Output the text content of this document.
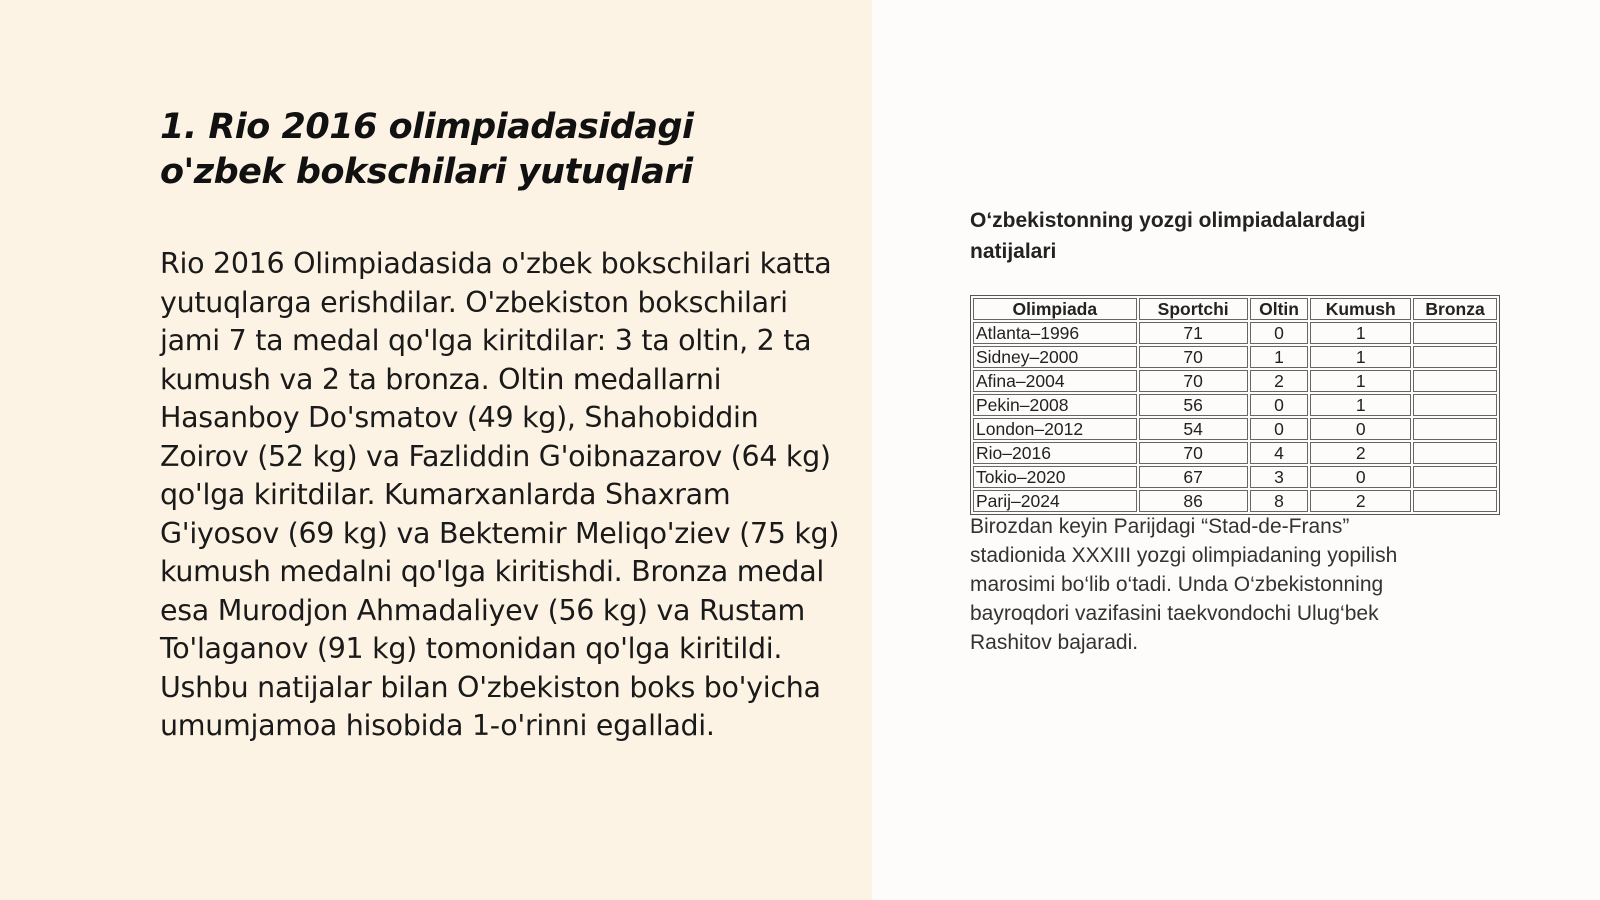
1. Rio 2016 olimpiadasidagi o'zbek bokschilari yutuqlari

Rio 2016 Olimpiadasida o'zbek bokschilari katta yutuqlarga erishdilar. O'zbekiston bokschilari jami 7 ta medal qo'lga kiritdilar: 3 ta oltin, 2 ta kumush va 2 ta bronza. Oltin medallarni Hasanboy Do'smatov (49 kg), Shahobiddin Zoirov (52 kg) va Fazliddin G'oibnazarov (64 kg) qo'lga kiritdilar. Kumarxanlarda Shaxram G'iyosov (69 kg) va Bektemir Meliqo'ziev (75 kg) kumush medalni qo'lga kiritishdi. Bronza medal esa Murodjon Ahmadaliyev (56 kg) va Rustam To'laganov (91 kg) tomonidan qo'lga kiritildi. Ushbu natijalar bilan O'zbekiston boks bo'yicha umumjamoa hisobida 1-o'rinni egalladi.

O‘zbekistonning yozgi olimpiadalardagi natijalari
Olimpiada	Sportchi	Oltin	Kumush	Bronza
Atlanta–1996	71	0	1	
Sidney–2000	70	1	1	
Afina–2004	70	2	1	
Pekin–2008	56	0	1	
London–2012	54	0	0	
Rio–2016	70	4	2	
Tokio–2020	67	3	0	
Parij–2024	86	8	2	

Birozdan keyin Parijdagi “Stad-de-Frans” stadionida XXXIII yozgi olimpiadaning yopilish marosimi bo‘lib o‘tadi. Unda O‘zbekistonning bayroqdori vazifasini taekvondochi Ulug‘bek Rashitov bajaradi.
